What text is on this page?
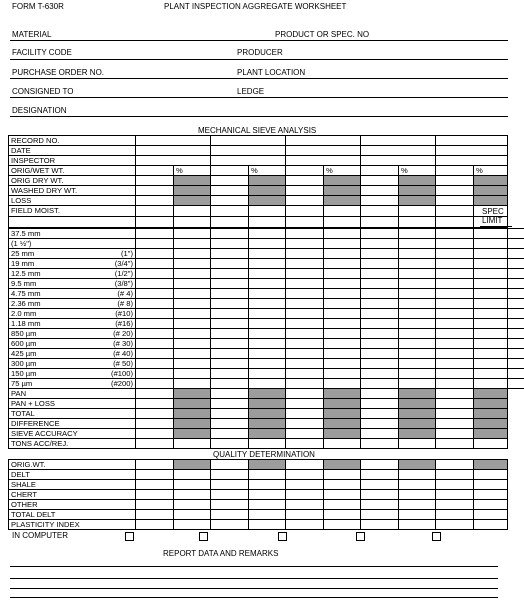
FORM T-630R	PLANT INSPECTION AGGREGATE WORKSHEET
MATERIAL	PRODUCT OR SPEC. NO
FACILITY CODE	PRODUCER
PURCHASE ORDER NO.	PLANT LOCATION
CONSIGNED TO	LEDGE
DESIGNATION
MECHANICAL SIEVE ANALYSIS
RECORD NO.										
DATE										
INSPECTOR										
ORIG/WET WT.		%		%		%		%		%
ORIG DRY WT.										
WASHED DRY WT.										
LOSS										
FIELD MOIST.										
											SPEC LIMIT
37.5 mm											

(1 ½")											

25 mm (1")											

19 mm (3/4")											

12.5 mm (1/2")											

9.5 mm (3/8")											

4.75 mm (# 4)											

2.36 mm (# 8)											

2.0 mm (#10)											

1.18 mm (#16)											

850 µm (# 20)											

600 µm (# 30)											

425 µm (# 40)											

300 µm (# 50)											

150 µm (#100)											

75 µm (#200)											

PAN											
PAN + LOSS											
TOTAL											
DIFFERENCE											
SIEVE ACCURACY											
TONS ACC/REJ.											
QUALITY DETERMINATION
ORIG.WT.										
DELT										
SHALE										
CHERT										
OTHER										
TOTAL DELT										
PLASTICITY INDEX										
IN COMPUTER
REPORT DATA AND REMARKS
